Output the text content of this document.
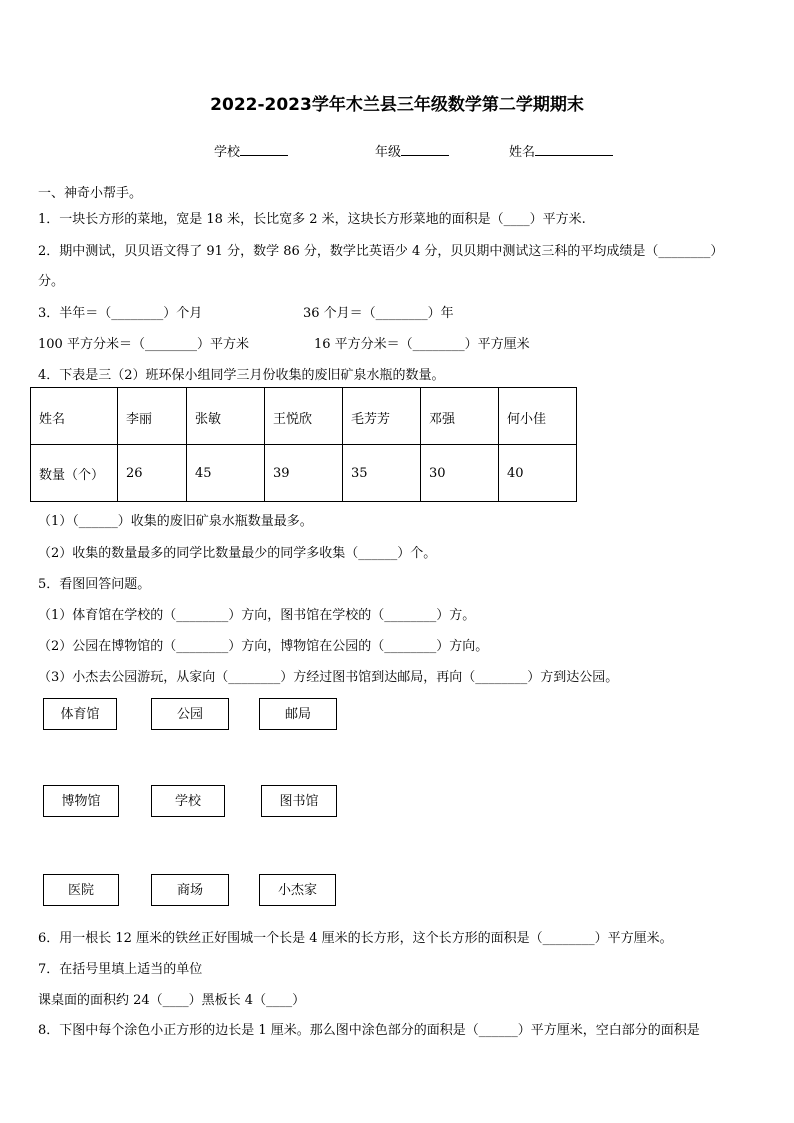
2022-2023学年木兰县三年级数学第二学期期末
学校	年级	姓名
一、神奇小帮手。
1．一块长方形的菜地，宽是 18 米，长比宽多 2 米，这块长方形菜地的面积是（____）平方米.
2．期中测试，贝贝语文得了 91 分，数学 86 分，数学比英语少 4 分，贝贝期中测试这三科的平均成绩是（________）
分。
3．半年＝（________）个月	36 个月＝（________）年
100 平方分米＝（________）平方米	16 平方分米＝（________）平方厘米
4．下表是三（2）班环保小组同学三月份收集的废旧矿泉水瓶的数量。
姓名	李丽	张敏	王悦欣	毛芳芳	邓强	何小佳
数量（个）	26	45	39	35	30	40
（1）（______）收集的废旧矿泉水瓶数量最多。
（2）收集的数量最多的同学比数量最少的同学多收集（______）个。
5．看图回答问题。
（1）体育馆在学校的（________）方向，图书馆在学校的（________）方。
（2）公园在博物馆的（________）方向，博物馆在公园的（________）方向。
（3）小杰去公园游玩，从家向（________）方经过图书馆到达邮局，再向（________）方到达公园。
体育馆	公园	邮局
博物馆	学校	图书馆
医院	商场	小杰家
6．用一根长 12 厘米的铁丝正好围城一个长是 4 厘米的长方形，这个长方形的面积是（________）平方厘米。
7．在括号里填上适当的单位
课桌面的面积约 24（____）黑板长 4（____）
8．下图中每个涂色小正方形的边长是 1 厘米。那么图中涂色部分的面积是（______）平方厘米，空白部分的面积是
